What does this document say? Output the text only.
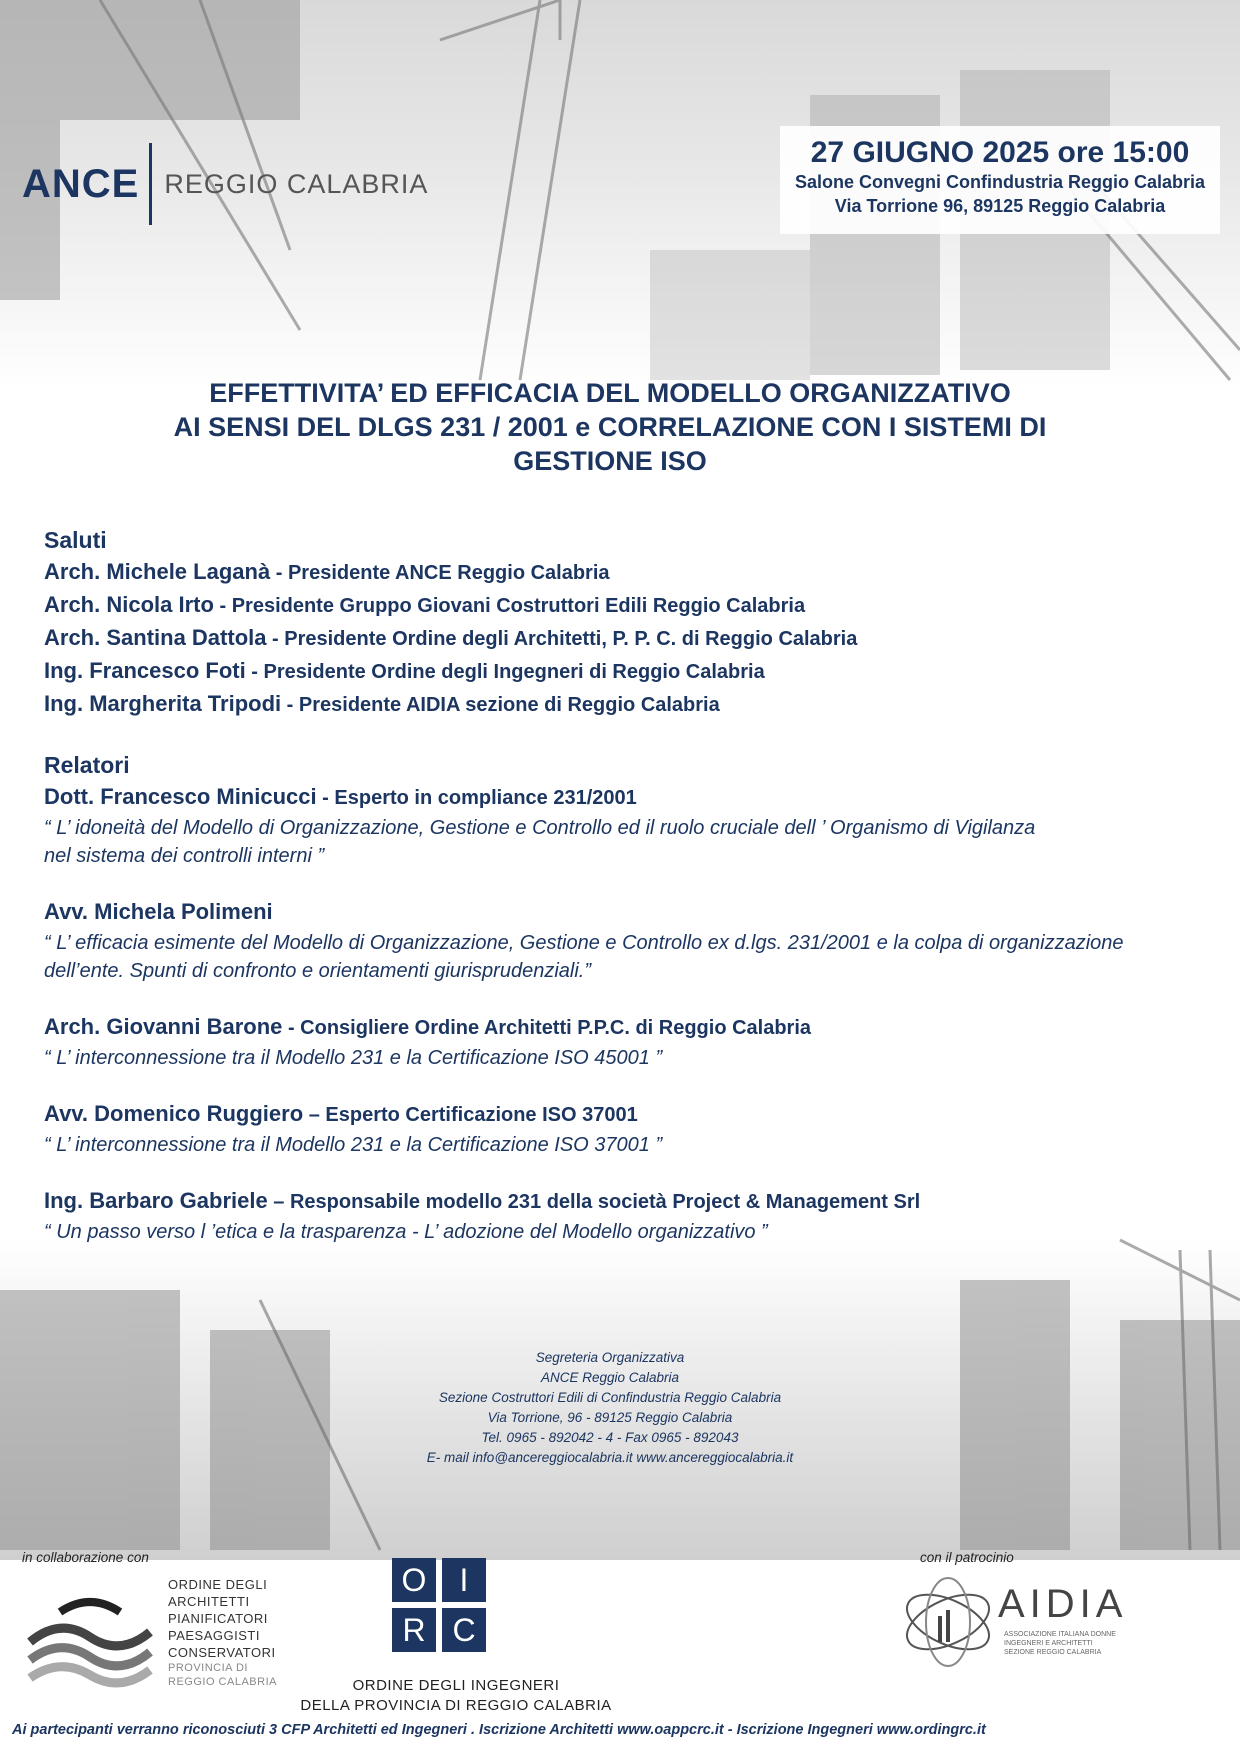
ANCE REGGIO CALABRIA
27 GIUGNO 2025 ore 15:00
Salone Convegni Confindustria Reggio Calabria
Via Torrione 96, 89125 Reggio Calabria
EFFETTIVITA’ ED EFFICACIA DEL MODELLO ORGANIZZATIVO
AI SENSI DEL DLGS 231 / 2001 e CORRELAZIONE CON I SISTEMI DI
GESTIONE ISO
Saluti
Arch. Michele Laganà - Presidente ANCE Reggio Calabria
Arch. Nicola Irto - Presidente Gruppo Giovani Costruttori Edili Reggio Calabria
Arch. Santina Dattola - Presidente Ordine degli Architetti, P. P. C. di Reggio Calabria
Ing. Francesco Foti - Presidente Ordine degli Ingegneri di Reggio Calabria
Ing. Margherita Tripodi - Presidente AIDIA sezione di Reggio Calabria
Relatori
Dott. Francesco Minicucci - Esperto in compliance 231/2001
“ L’ idoneità del Modello di Organizzazione, Gestione e Controllo ed il ruolo cruciale dell ’ Organismo di Vigilanza
nel sistema dei controlli interni ”
Avv. Michela Polimeni
“ L’ efficacia esimente del Modello di Organizzazione, Gestione e Controllo ex d.lgs. 231/2001 e la colpa di organizzazione
dell’ente. Spunti di confronto e orientamenti giurisprudenziali.”
Arch. Giovanni Barone - Consigliere Ordine Architetti P.P.C. di Reggio Calabria
“ L’ interconnessione tra il Modello 231 e la Certificazione ISO 45001 ”
Avv. Domenico Ruggiero – Esperto Certificazione ISO 37001
“ L’ interconnessione tra il Modello 231 e la Certificazione ISO 37001 ”
Ing. Barbaro Gabriele – Responsabile modello 231 della società Project & Management Srl
“ Un passo verso l ’etica e la trasparenza - L’ adozione del Modello organizzativo ”
Segreteria Organizzativa
ANCE Reggio Calabria
Sezione Costruttori Edili di Confindustria Reggio Calabria
Via Torrione, 96 - 89125 Reggio Calabria
Tel. 0965 - 892042 - 4 - Fax 0965 - 892043
E- mail info@ancereggiocalabria.it www.ancereggiocalabria.it
in collaborazione con	con il patrocinio
ORDINE DEGLI
ARCHITETTI
PIANIFICATORI
PAESAGGISTI
CONSERVATORI
PROVINCIA DI
REGGIO CALABRIA
O	I
R C
ORDINE DEGLI INGEGNERI
DELLA PROVINCIA DI REGGIO CALABRIA
AIDIA
ASSOCIAZIONE ITALIANA DONNE
INGEGNERI E ARCHITETTI
SEZIONE REGGIO CALABRIA
Ai partecipanti verranno riconosciuti 3 CFP Architetti ed Ingegneri . Iscrizione Architetti www.oappcrc.it - Iscrizione Ingegneri www.ordingrc.it
